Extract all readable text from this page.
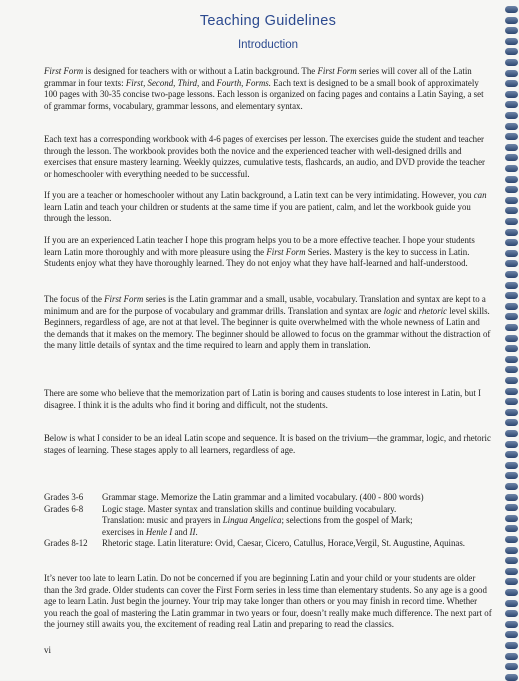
Teaching Guidelines
Introduction

First Form is designed for teachers with or without a Latin background. The First Form series will cover all of the Latin grammar in four texts: First, Second, Third, and Fourth, Forms. Each text is designed to be a small book of approximately 100 pages with 30-35 concise two-page lessons. Each lesson is organized on facing pages and contains a Latin Saying, a set of grammar forms, vocabulary, grammar lessons, and elementary syntax.

Each text has a corresponding workbook with 4-6 pages of exercises per lesson. The exercises guide the student and teacher through the lesson. The workbook provides both the novice and the experienced teacher with well-designed drills and exercises that ensure mastery learning. Weekly quizzes, cumulative tests, flashcards, an audio, and DVD provide the teacher or homeschooler with everything needed to be successful.

If you are a teacher or homeschooler without any Latin background, a Latin text can be very intimidating. However, you can learn Latin and teach your children or students at the same time if you are patient, calm, and let the workbook guide you through the lesson.

If you are an experienced Latin teacher I hope this program helps you to be a more effective teacher. I hope your students learn Latin more thoroughly and with more pleasure using the First Form Series. Mastery is the key to success in Latin. Students enjoy what they have thoroughly learned. They do not enjoy what they have half-learned and half-understood.

The focus of the First Form series is the Latin grammar and a small, usable, vocabulary. Translation and syntax are kept to a minimum and are for the purpose of vocabulary and grammar drills. Translation and syntax are logic and rhetoric level skills. Beginners, regardless of age, are not at that level. The beginner is quite overwhelmed with the whole newness of Latin and the demands that it makes on the memory. The beginner should be allowed to focus on the grammar without the distraction of the many little details of syntax and the time required to learn and apply them in translation.

There are some who believe that the memorization part of Latin is boring and causes students to lose interest in Latin, but I disagree. I think it is the adults who find it boring and difficult, not the students.

Below is what I consider to be an ideal Latin scope and sequence. It is based on the trivium—the grammar, logic, and rhetoric stages of learning. These stages apply to all learners, regardless of age.

Grades 3-6	Grammar stage. Memorize the Latin grammar and a limited vocabulary. (400 - 800 words)
Grades 6-8	Logic stage. Master syntax and translation skills and continue building vocabulary.
Translation: music and prayers in Lingua Angelica; selections from the gospel of Mark;
exercises in Henle I and II.
Grades 8-12	Rhetoric stage. Latin literature: Ovid, Caesar, Cicero, Catullus, Horace,Vergil, St. Augustine, Aquinas.

It’s never too late to learn Latin. Do not be concerned if you are beginning Latin and your child or your students are older than the 3rd grade. Older students can cover the First Form series in less time than elementary students. So any age is a good age to learn Latin. Just begin the journey. Your trip may take longer than others or you may finish in record time. Whether you reach the goal of mastering the Latin grammar in two years or four, doesn’t really make much difference. The next part of the journey still awaits you, the excitement of reading real Latin and preparing to read the classics.

vi
